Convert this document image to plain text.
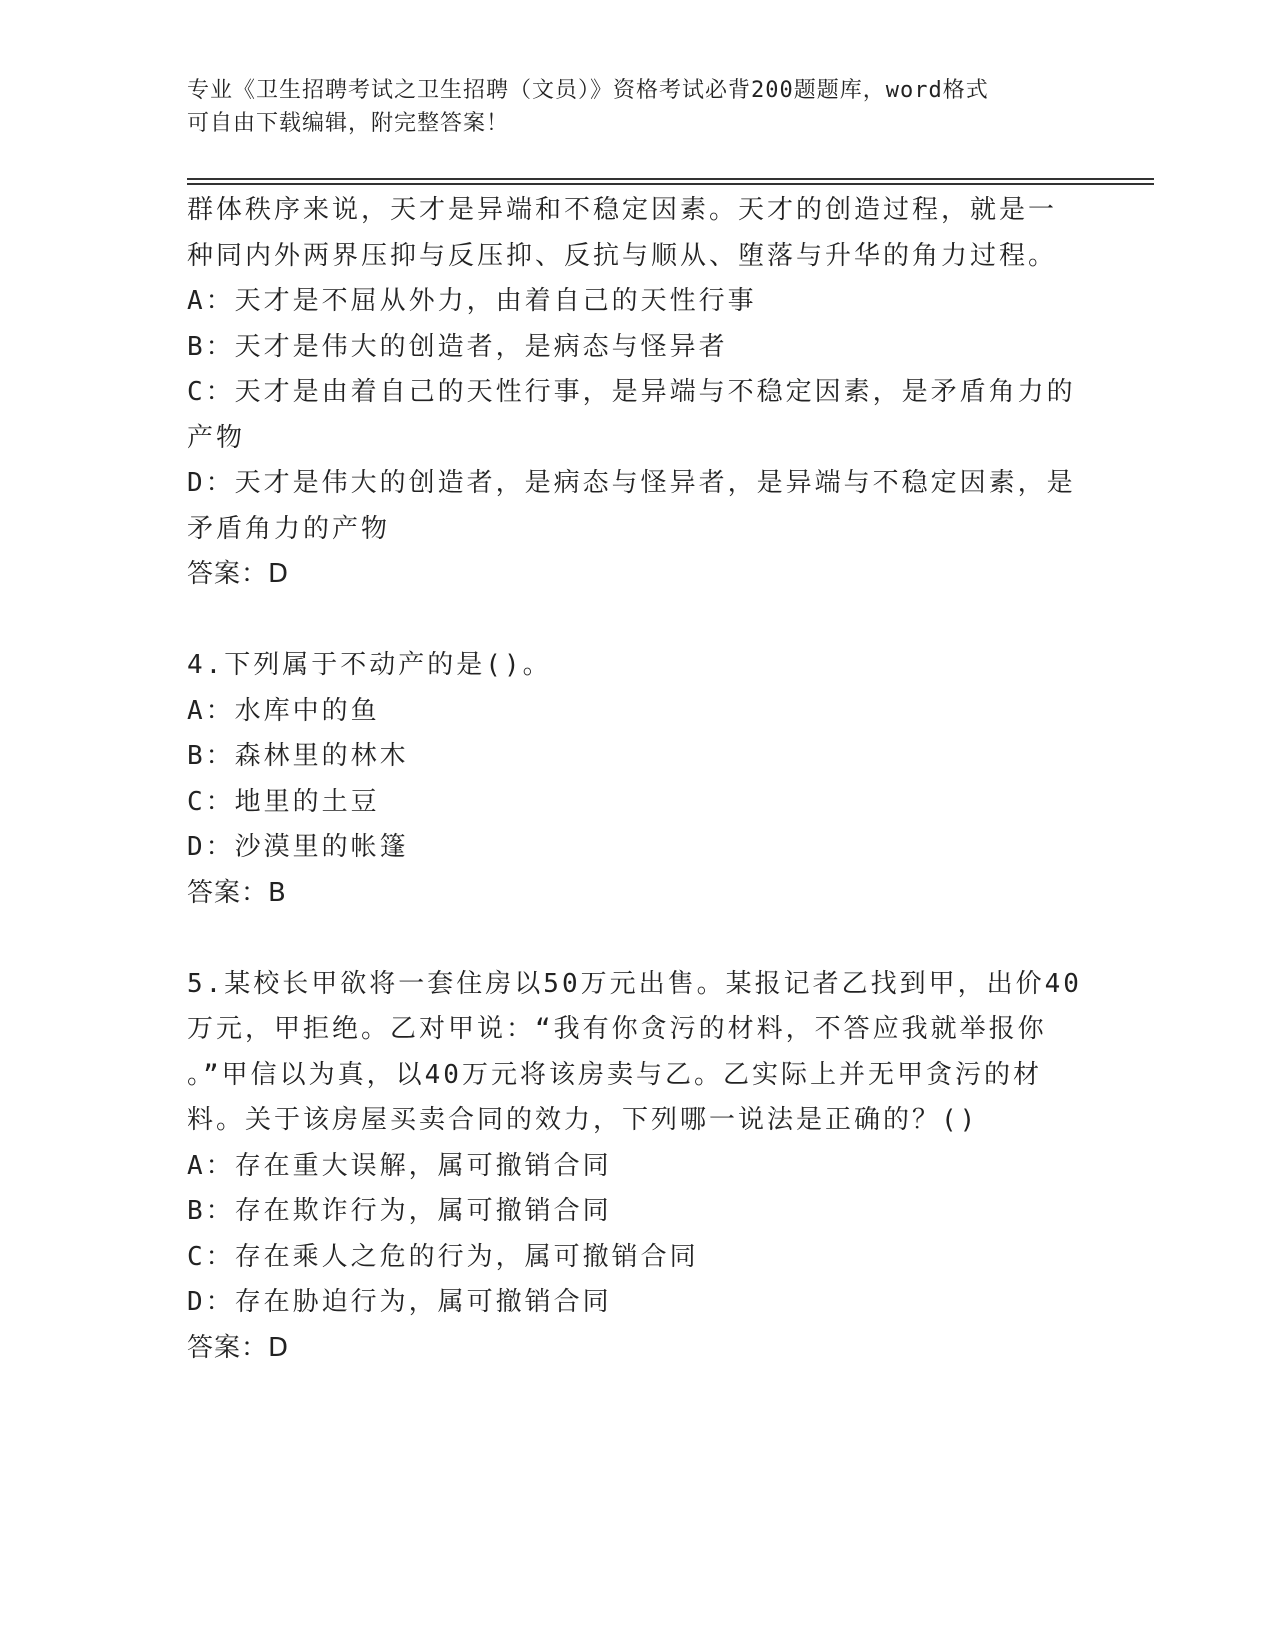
专业《卫生招聘考试之卫生招聘（文员）》资格考试必背200题题库，word格式
可自由下载编辑，附完整答案！

群体秩序来说，天才是异端和不稳定因素。天才的创造过程，就是一

种同内外两界压抑与反压抑、反抗与顺从、堕落与升华的角力过程。

A：天才是不屈从外力，由着自己的天性行事

B：天才是伟大的创造者，是病态与怪异者

C：天才是由着自己的天性行事，是异端与不稳定因素，是矛盾角力的

产物

D：天才是伟大的创造者，是病态与怪异者，是异端与不稳定因素，是

矛盾角力的产物

答案：D

4.下列属于不动产的是()。

A：水库中的鱼

B：森林里的林木

C：地里的土豆

D：沙漠里的帐篷

答案：B

5.某校长甲欲将一套住房以50万元出售。某报记者乙找到甲，出价40

万元，甲拒绝。乙对甲说：“我有你贪污的材料，不答应我就举报你

。”甲信以为真，以40万元将该房卖与乙。乙实际上并无甲贪污的材

料。关于该房屋买卖合同的效力，下列哪一说法是正确的？()

A：存在重大误解，属可撤销合同

B：存在欺诈行为，属可撤销合同

C：存在乘人之危的行为，属可撤销合同

D：存在胁迫行为，属可撤销合同

答案：D
